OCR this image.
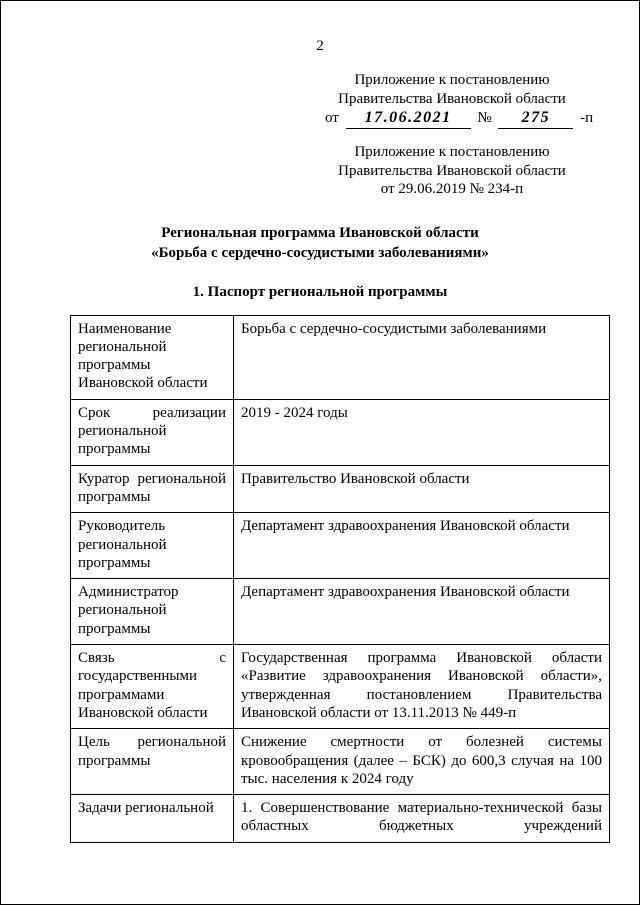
2
Приложение к постановлению
Правительства Ивановской области
от 17.06.2021 № 275 -п
Приложение к постановлению
Правительства Ивановской области
от 29.06.2019 № 234-п
Региональная программа Ивановской области
«Борьба с сердечно-сосудистыми заболеваниями»
1. Паспорт региональной программы
Наименование региональной программы Ивановской области	Борьба с сердечно-сосудистыми заболеваниями
Срок реализации региональной программы	2019 - 2024 годы
Куратор региональной программы	Правительство Ивановской области
Руководитель региональной программы	Департамент здравоохранения Ивановской области
Администратор региональной программы	Департамент здравоохранения Ивановской области
Связь с государственными программами Ивановской области	Государственная программа Ивановской области «Развитие здравоохранения Ивановской области», утвержденная постановлением Правительства Ивановской области от 13.11.2013 № 449-п
Цель региональной программы	Снижение смертности от болезней системы кровообращения (далее – БСК) до 600,3 случая на 100 тыс. населения к 2024 году
Задачи региональной	1. Совершенствование материально-технической базы областных бюджетных учреждений
